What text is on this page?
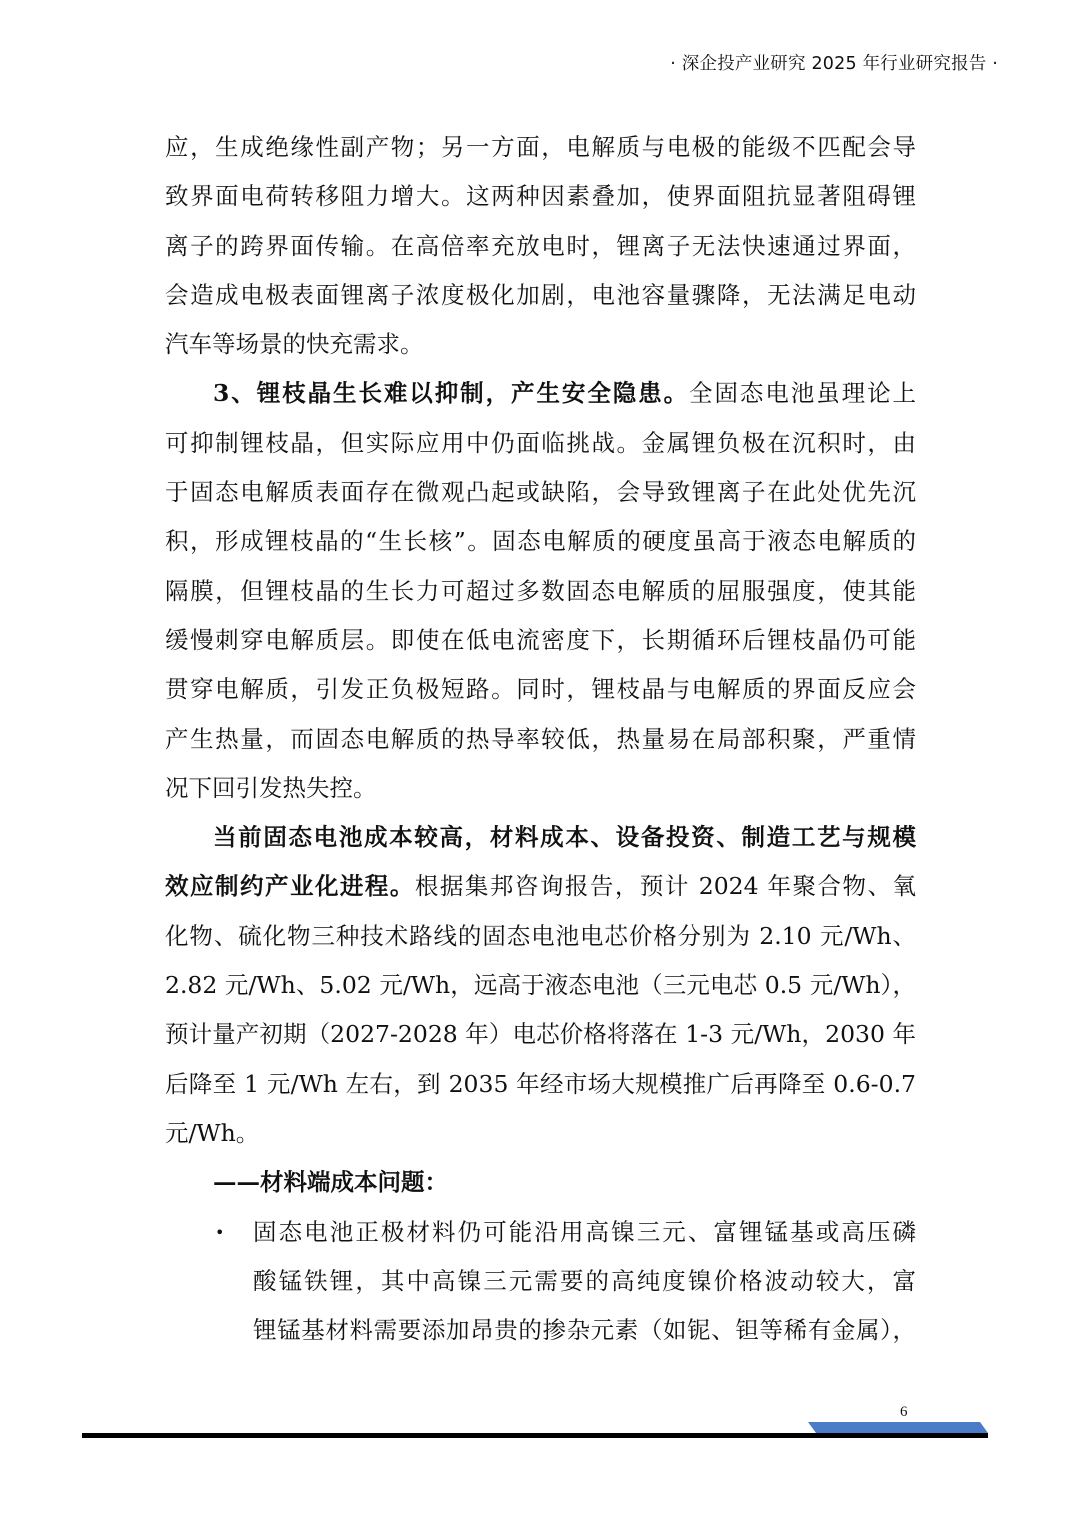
· 深企投产业研究 2025 年行业研究报告 ·
应，生成绝缘性副产物；另一方面，电解质与电极的能级不匹配会导
致界面电荷转移阻力增大。这两种因素叠加，使界面阻抗显著阻碍锂
离子的跨界面传输。在高倍率充放电时，锂离子无法快速通过界面，
会造成电极表面锂离子浓度极化加剧，电池容量骤降，无法满足电动
汽车等场景的快充需求。
3、锂枝晶生长难以抑制，产生安全隐患。全固态电池虽理论上
可抑制锂枝晶，但实际应用中仍面临挑战。金属锂负极在沉积时，由
于固态电解质表面存在微观凸起或缺陷，会导致锂离子在此处优先沉
积，形成锂枝晶的“生长核”。固态电解质的硬度虽高于液态电解质的
隔膜，但锂枝晶的生长力可超过多数固态电解质的屈服强度，使其能
缓慢刺穿电解质层。即使在低电流密度下，长期循环后锂枝晶仍可能
贯穿电解质，引发正负极短路。同时，锂枝晶与电解质的界面反应会
产生热量，而固态电解质的热导率较低，热量易在局部积聚，严重情
况下回引发热失控。
当前固态电池成本较高，材料成本、设备投资、制造工艺与规模
效应制约产业化进程。根据集邦咨询报告，预计 2024 年聚合物、氧
化物、硫化物三种技术路线的固态电池电芯价格分别为 2.10 元/Wh、
2.82 元/Wh、5.02 元/Wh，远高于液态电池（三元电芯 0.5 元/Wh），
预计量产初期（2027-2028 年）电芯价格将落在 1-3 元/Wh，2030 年
后降至 1 元/Wh 左右，到 2035 年经市场大规模推广后再降至 0.6-0.7
元/Wh。
——材料端成本问题：
• 固态电池正极材料仍可能沿用高镍三元、富锂锰基或高压磷
酸锰铁锂，其中高镍三元需要的高纯度镍价格波动较大，富
锂锰基材料需要添加昂贵的掺杂元素（如铌、钽等稀有金属），
6
